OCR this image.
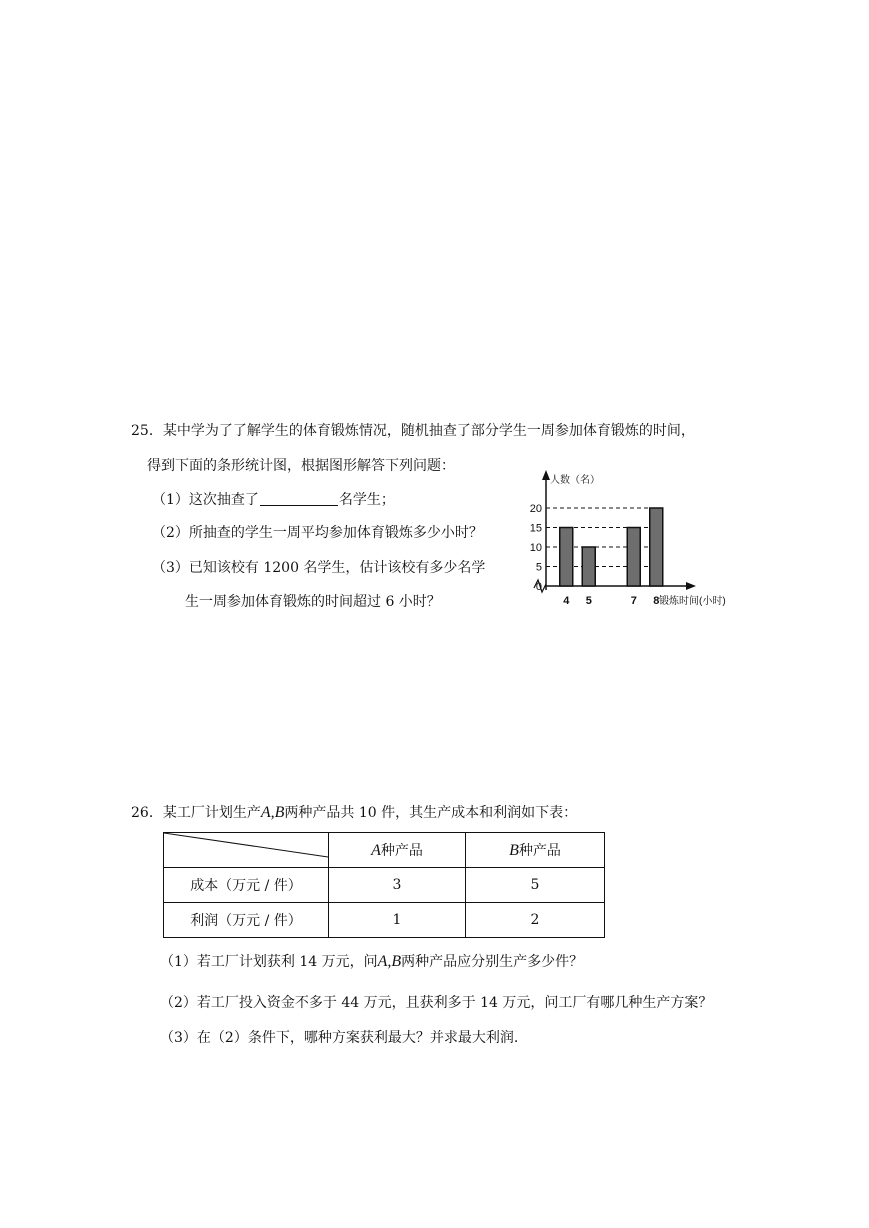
25．某中学为了了解学生的体育锻炼情况，随机抽查了部分学生一周参加体育锻炼的时间，
得到下面的条形统计图，根据图形解答下列问题：
（1）这次抽查了	名学生；
（2）所抽查的学生一周平均参加体育锻炼多少小时？
（3）已知该校有 1200 名学生，估计该校有多少名学
生一周参加体育锻炼的时间超过 6 小时？
人数（名）
锻炼时间(小时)
0
5
10
15
20
4 5	7 8
26．某工厂计划生产A,B两种产品共 10 件，其生产成本和利润如下表：
	A种产品	B种产品
成本（万元 / 件）	3	5
利润（万元 / 件）	1	2
（1）若工厂计划获利 14 万元，问A,B两种产品应分别生产多少件？
（2）若工厂投入资金不多于 44 万元，且获利多于 14 万元，问工厂有哪几种生产方案？
（3）在（2）条件下，哪种方案获利最大？并求最大利润.
